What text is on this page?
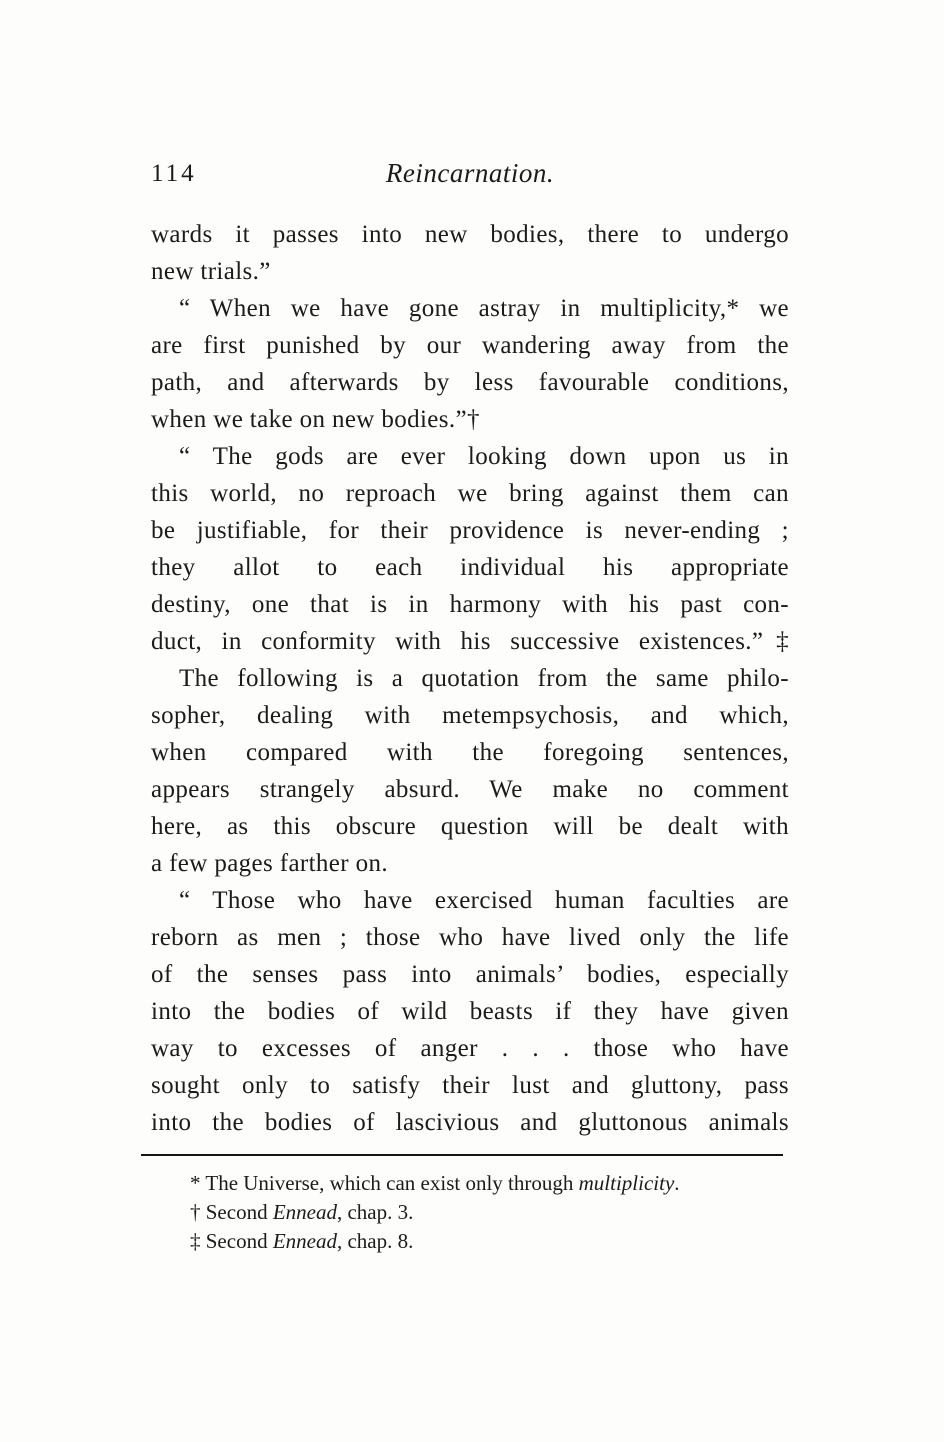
114	Reincarnation.
wards it passes into new bodies, there to undergo
new trials.”
“ When we have gone astray in multiplicity,* we
are first punished by our wandering away from the
path, and afterwards by less favourable conditions,
when we take on new bodies.”†
“ The gods are ever looking down upon us in
this world, no reproach we bring against them can
be justifiable, for their providence is never-ending ;
they allot to each individual his appropriate
destiny, one that is in harmony with his past con-
duct, in conformity with his successive existences.”‡
The following is a quotation from the same philo-
sopher, dealing with metempsychosis, and which,
when compared with the foregoing sentences,
appears strangely absurd. We make no comment
here, as this obscure question will be dealt with
a few pages farther on.
“ Those who have exercised human faculties are
reborn as men ; those who have lived only the life
of the senses pass into animals’ bodies, especially
into the bodies of wild beasts if they have given
way to excesses of anger . . . those who have
sought only to satisfy their lust and gluttony, pass
into the bodies of lascivious and gluttonous animals
* The Universe, which can exist only through multiplicity.
† Second Ennead, chap. 3.
‡ Second Ennead, chap. 8.
